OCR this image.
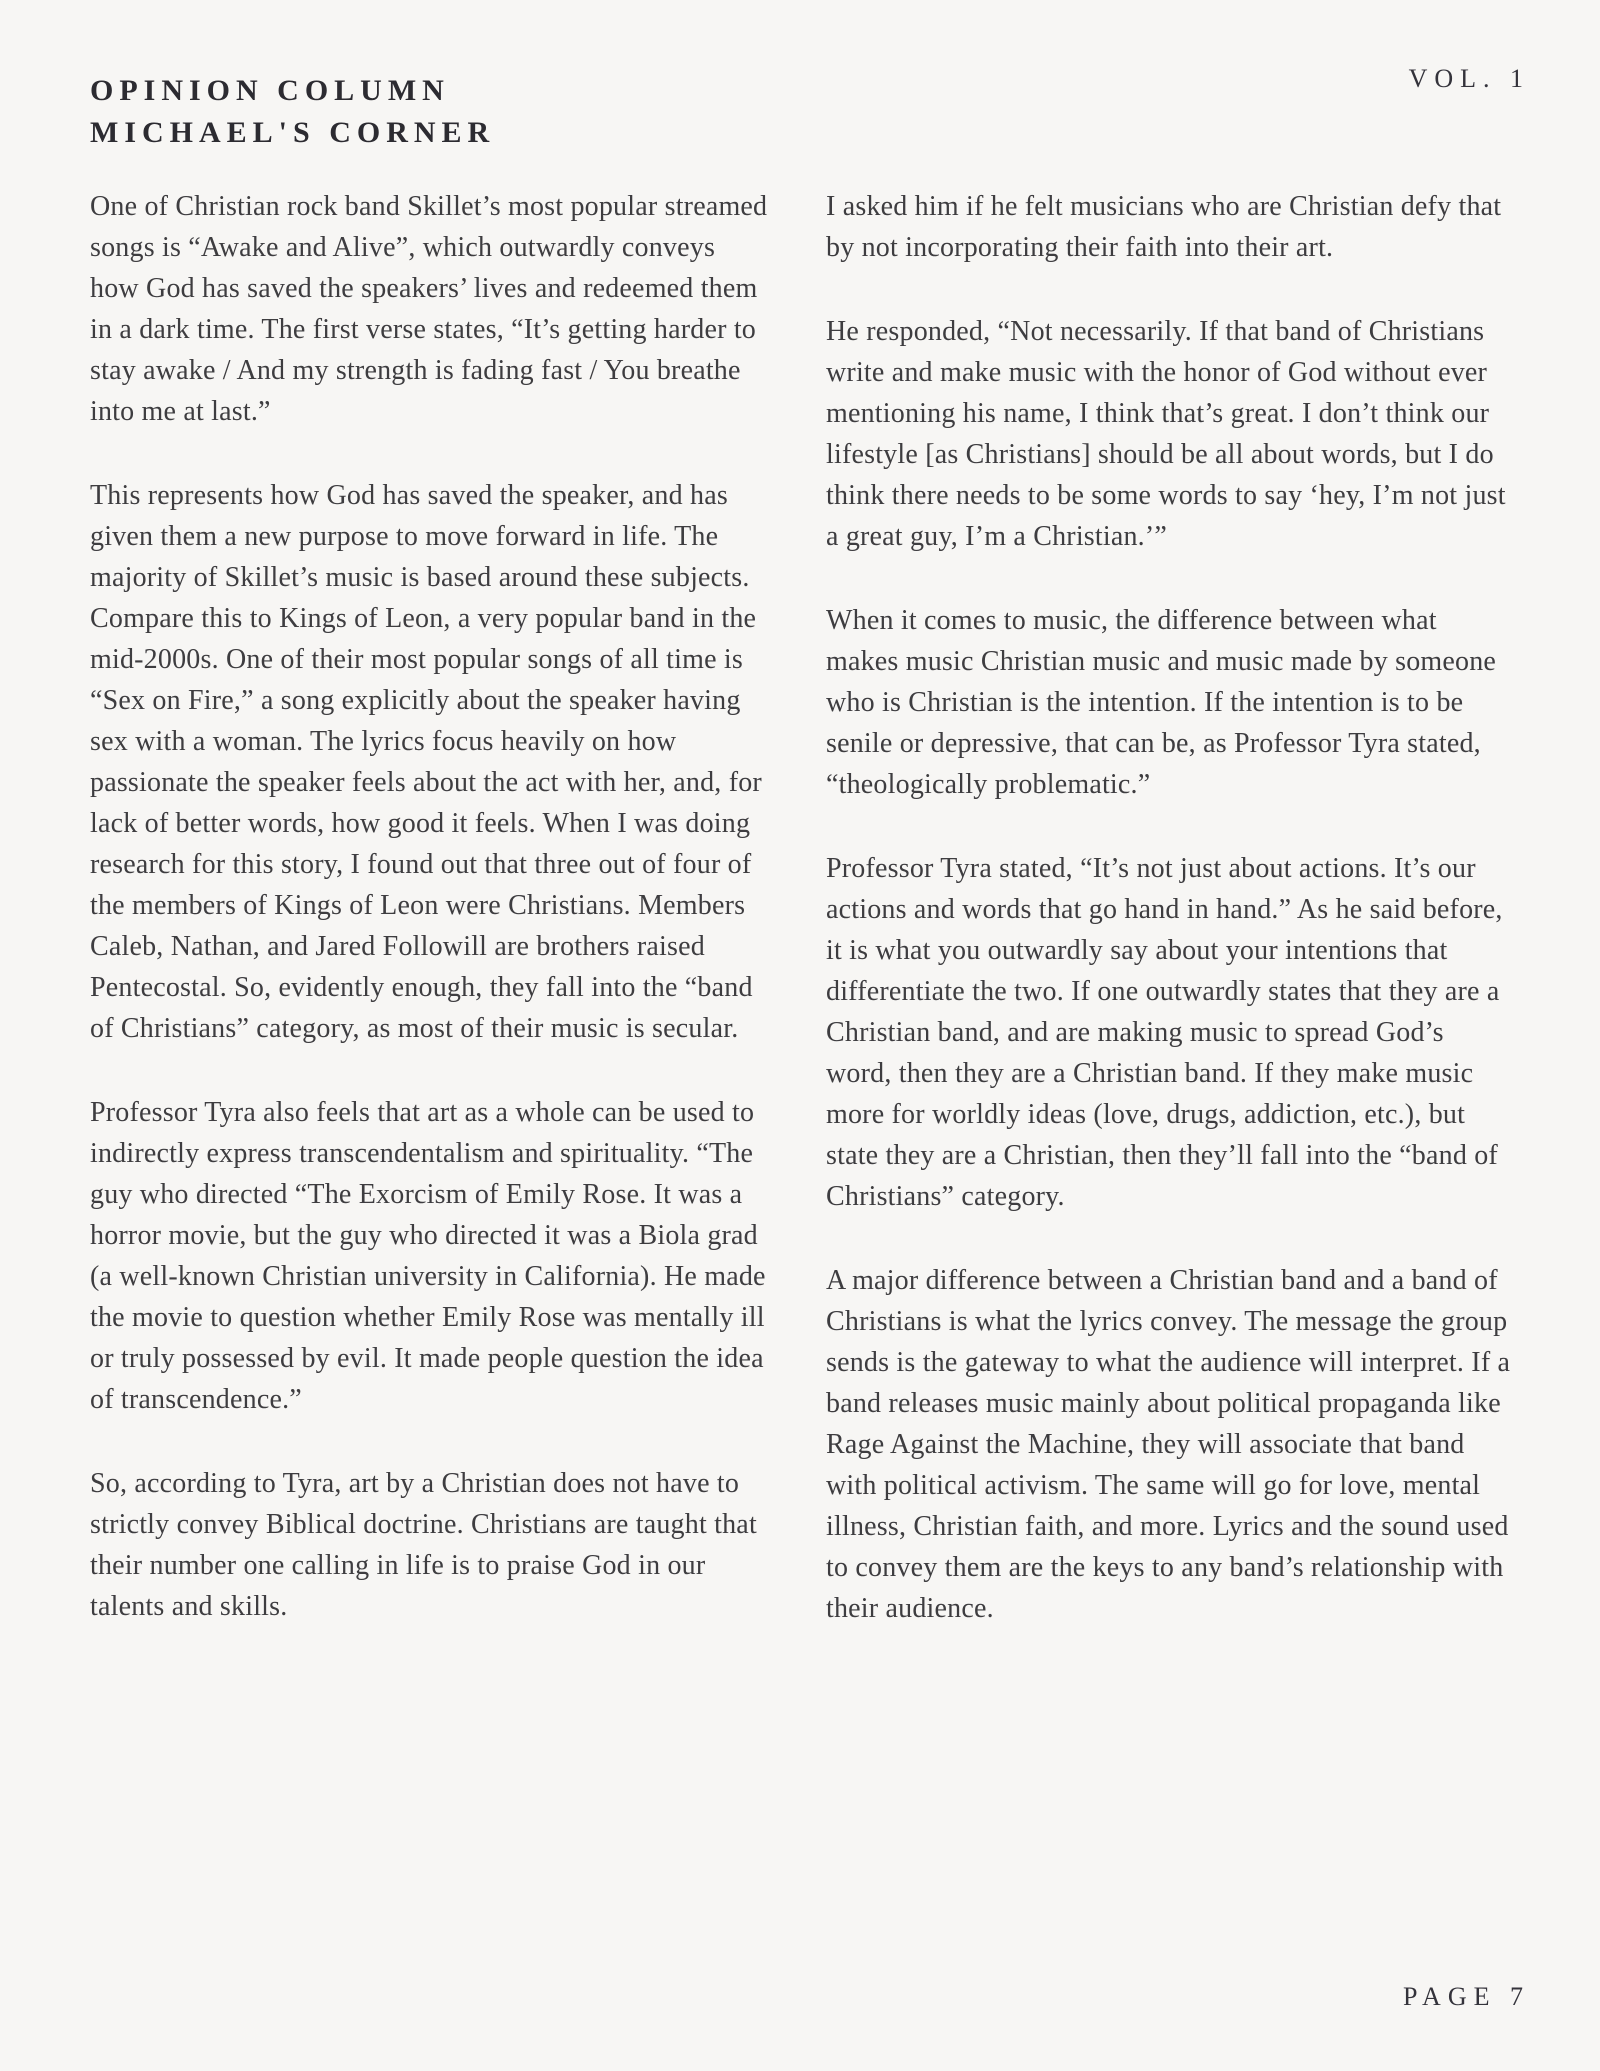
OPINION COLUMN
MICHAEL'S CORNER
VOL. 1

One of Christian rock band Skillet’s most popular streamed songs is “Awake and Alive”, which outwardly conveys how God has saved the speakers’ lives and redeemed them in a dark time. The first verse states, “It’s getting harder to stay awake / And my strength is fading fast / You breathe into me at last.”

This represents how God has saved the speaker, and has given them a new purpose to move forward in life. The majority of Skillet’s music is based around these subjects. Compare this to Kings of Leon, a very popular band in the mid-2000s. One of their most popular songs of all time is “Sex on Fire,” a song explicitly about the speaker having sex with a woman. The lyrics focus heavily on how passionate the speaker feels about the act with her, and, for lack of better words, how good it feels. When I was doing research for this story, I found out that three out of four of the members of Kings of Leon were Christians. Members Caleb, Nathan, and Jared Followill are brothers raised Pentecostal. So, evidently enough, they fall into the “band of Christians” category, as most of their music is secular.

Professor Tyra also feels that art as a whole can be used to indirectly express transcendentalism and spirituality. “The guy who directed “The Exorcism of Emily Rose. It was a horror movie, but the guy who directed it was a Biola grad (a well-known Christian university in California). He made the movie to question whether Emily Rose was mentally ill or truly possessed by evil. It made people question the idea of transcendence.”

So, according to Tyra, art by a Christian does not have to strictly convey Biblical doctrine. Christians are taught that their number one calling in life is to praise God in our talents and skills.

I asked him if he felt musicians who are Christian defy that by not incorporating their faith into their art.

He responded, “Not necessarily. If that band of Christians write and make music with the honor of God without ever mentioning his name, I think that’s great. I don’t think our lifestyle [as Christians] should be all about words, but I do think there needs to be some words to say ‘hey, I’m not just a great guy, I’m a Christian.’”

When it comes to music, the difference between what makes music Christian music and music made by someone who is Christian is the intention. If the intention is to be senile or depressive, that can be, as Professor Tyra stated, “theologically problematic.”

Professor Tyra stated, “It’s not just about actions. It’s our actions and words that go hand in hand.” As he said before, it is what you outwardly say about your intentions that differentiate the two. If one outwardly states that they are a Christian band, and are making music to spread God’s word, then they are a Christian band. If they make music more for worldly ideas (love, drugs, addiction, etc.), but state they are a Christian, then they’ll fall into the “band of Christians” category.

A major difference between a Christian band and a band of Christians is what the lyrics convey. The message the group sends is the gateway to what the audience will interpret. If a band releases music mainly about political propaganda like Rage Against the Machine, they will associate that band with political activism. The same will go for love, mental illness, Christian faith, and more. Lyrics and the sound used to convey them are the keys to any band’s relationship with their audience.

PAGE 7
